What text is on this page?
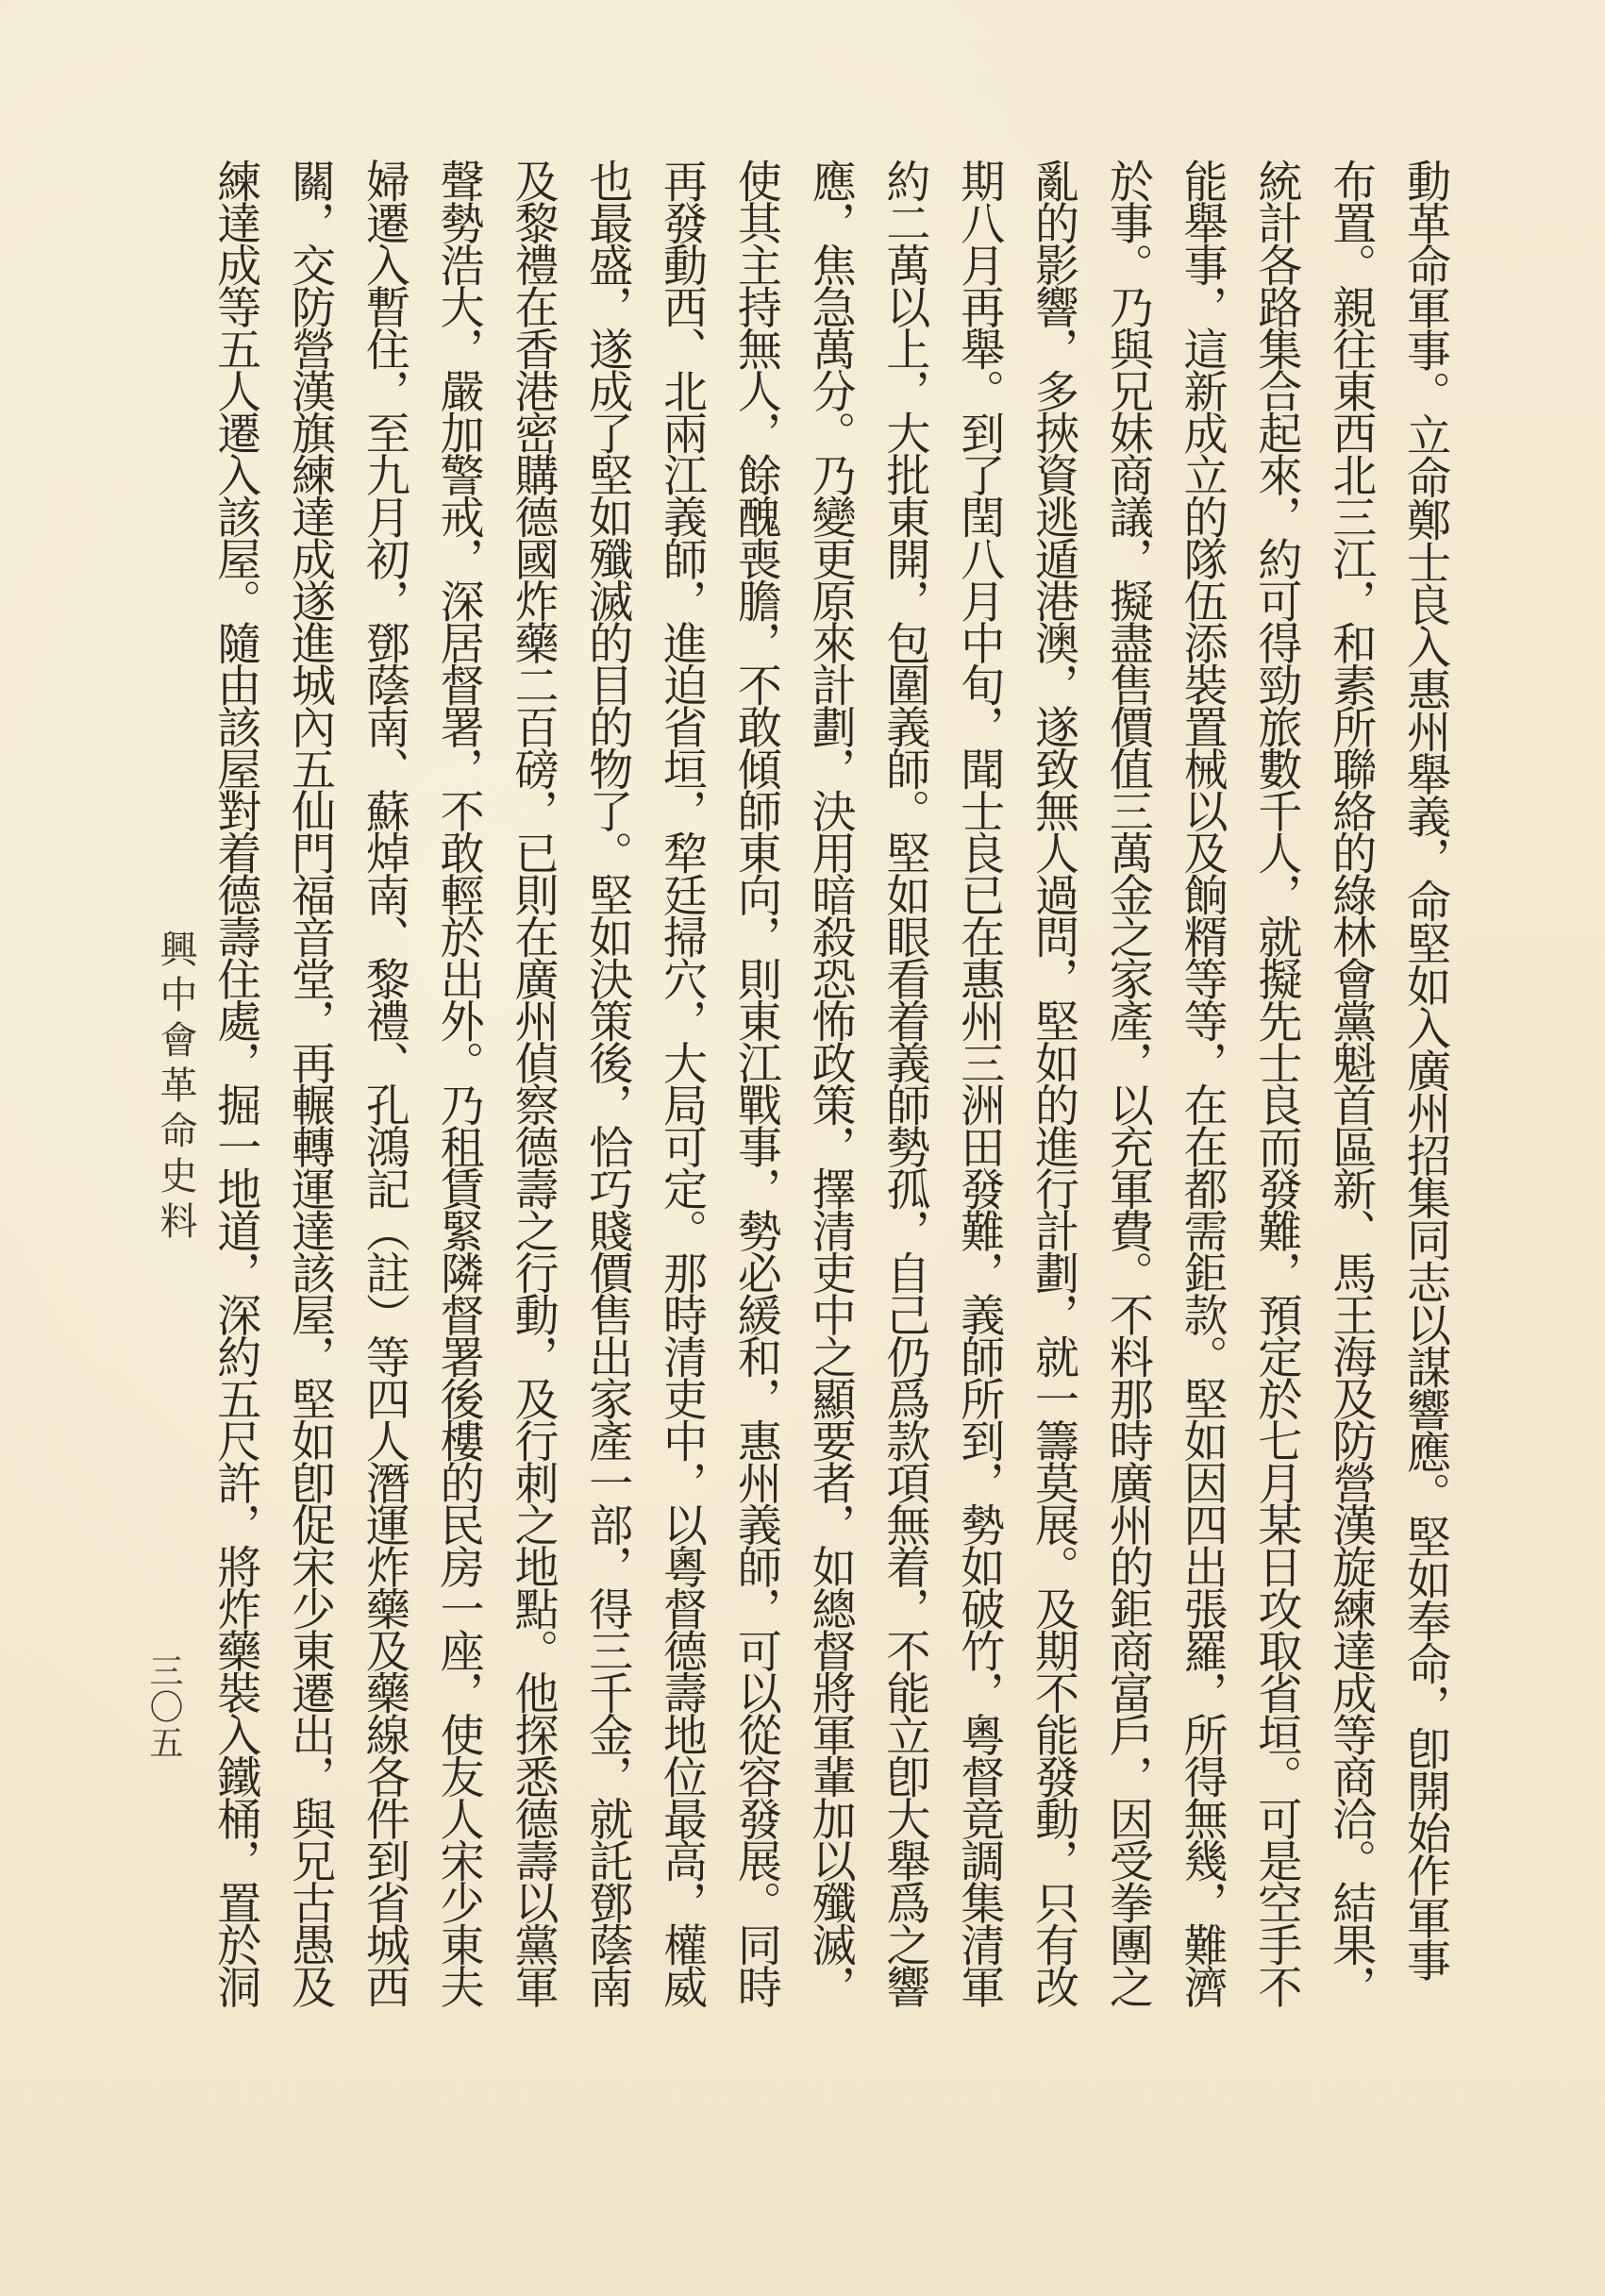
動革命軍事。立命鄭士良入惠州舉義，命堅如入廣州招集同志以謀響應。堅如奉命，卽開始作軍事
布置。親往東西北三江，和素所聯絡的綠林會黨魁首區新、馬王海及防營漢旋練達成等商洽。結果，
統計各路集合起來，約可得勁旅數千人，就擬先士良而發難，預定於七月某日攻取省垣。可是空手不
能舉事，這新成立的隊伍添裝置械以及餉糈等等，在在都需鉅款。堅如因四出張羅，所得無幾，難濟
於事。乃與兄妹商議，擬盡售價值三萬金之家產，以充軍費。不料那時廣州的鉅商富戶，因受拳團之
亂的影響，多挾資逃遁港澳，遂致無人過問，堅如的進行計劃，就一籌莫展。及期不能發動，只有改
期八月再舉。到了閏八月中旬，聞士良已在惠州三洲田發難，義師所到，勢如破竹，粵督竟調集清軍
約二萬以上，大批東開，包圍義師。堅如眼看着義師勢孤，自己仍爲款項無着，不能立卽大舉爲之響
應，焦急萬分。乃變更原來計劃，決用暗殺恐怖政策，擇清吏中之顯要者，如總督將軍輩加以殲滅，
使其主持無人，餘醜喪膽，不敢傾師東向，則東江戰事，勢必緩和，惠州義師，可以從容發展。同時
再發動西、北兩江義師，進迫省垣，犂廷掃穴，大局可定。那時清吏中，以粵督德壽地位最高，權威
也最盛，遂成了堅如殲滅的目的物了。堅如決策後，恰巧賤價售出家產一部，得三千金，就託鄧蔭南
及黎禮在香港密購德國炸藥二百磅，已則在廣州偵察德壽之行動，及行刺之地點。他探悉德壽以黨軍
聲勢浩大，嚴加警戒，深居督署，不敢輕於出外。乃租賃緊隣督署後樓的民房一座，使友人宋少東夫
婦遷入暫住，至九月初，鄧蔭南、蘇焯南、黎禮、孔鴻記（註）等四人潛運炸藥及藥線各件到省城西
關，交防營漢旗練達成遂進城內五仙門福音堂，再輾轉運達該屋，堅如卽促宋少東遷出，與兄古愚及
練達成等五人遷入該屋。隨由該屋對着德壽住處，掘一地道，深約五尺許，將炸藥裝入鐵桶，置於洞
興中會革命史料
三〇五
